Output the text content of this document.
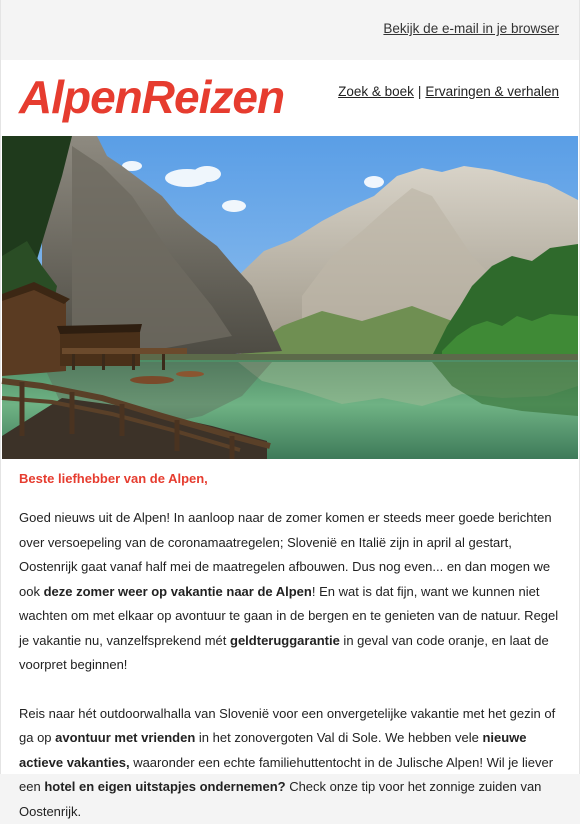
Bekijk de e-mail in je browser
AlpenReizen	Zoek & boek | Ervaringen & verhalen
Beste liefhebber van de Alpen,

Goed nieuws uit de Alpen! In aanloop naar de zomer komen er steeds meer goede berichten over versoepeling van de coronamaatregelen; Slovenië en Italië zijn in april al gestart, Oostenrijk gaat vanaf half mei de maatregelen afbouwen. Dus nog even... en dan mogen we ook deze zomer weer op vakantie naar de Alpen! En wat is dat fijn, want we kunnen niet wachten om met elkaar op avontuur te gaan in de bergen en te genieten van de natuur. Regel je vakantie nu, vanzelfsprekend mét geldteruggarantie in geval van code oranje, en laat de voorpret beginnen!

Reis naar hét outdoorwalhalla van Slovenië voor een onvergetelijke vakantie met het gezin of ga op avontuur met vrienden in het zonovergoten Val di Sole. We hebben vele nieuwe actieve vakanties, waaronder een echte familiehuttentocht in de Julische Alpen! Wil je liever een hotel en eigen uitstapjes ondernemen? Check onze tip voor het zonnige zuiden van Oostenrijk.
